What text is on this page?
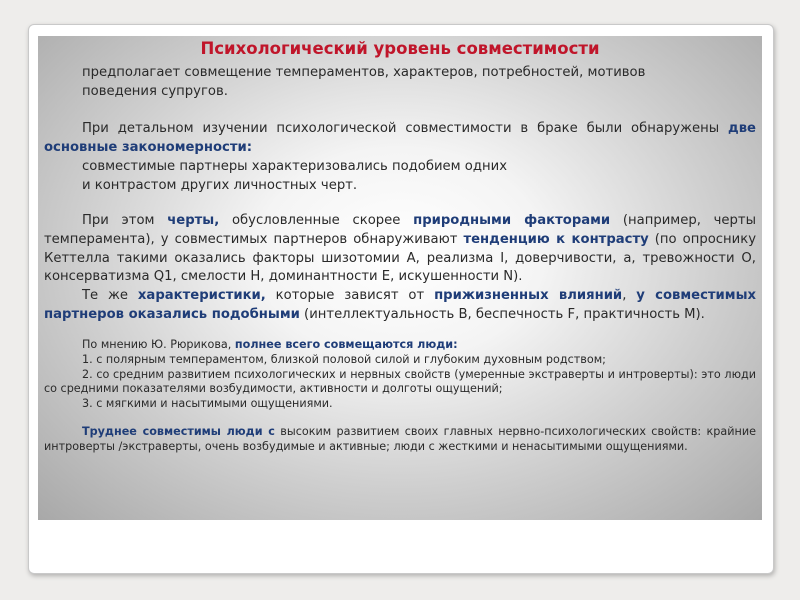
Психологический уровень совместимости

предполагает совмещение темпераментов, характеров, потребностей, мотивов
поведения супругов.

При детальном изучении психологической совместимости в браке были обнаружены две основные закономерности:

совместимые партнеры характеризовались подобием одних
и контрастом других личностных черт.

При этом черты, обусловленные скорее природными факторами (например, черты темперамента), у совместимых партнеров обнаруживают тенденцию к контрасту (по опроснику Кеттелла такими оказались факторы шизотомии А, реализма I, доверчивости, а, тревожности О, консерватизма Q1, смелости Н, доминантности Е, искушенности N).

Те же характеристики, которые зависят от прижизненных влияний, у совместимых партнеров оказались подобными (интеллектуальность В, беспечность F, практичность М).

По мнению Ю. Рюрикова, полнее всего совмещаются люди:

1. с полярным темпераментом, близкой половой силой и глубоким духовным родством;

2. со средним развитием психологических и нервных свойств (умеренные экстраверты и интроверты): это люди со средними показателями возбудимости, активности и долготы ощущений;

3. с мягкими и насытимыми ощущениями.

Труднее совместимы люди с высоким развитием своих главных нервно-психологических свойств: крайние интроверты /экстраверты, очень возбудимые и активные; люди с жесткими и ненасытимыми ощущениями.
